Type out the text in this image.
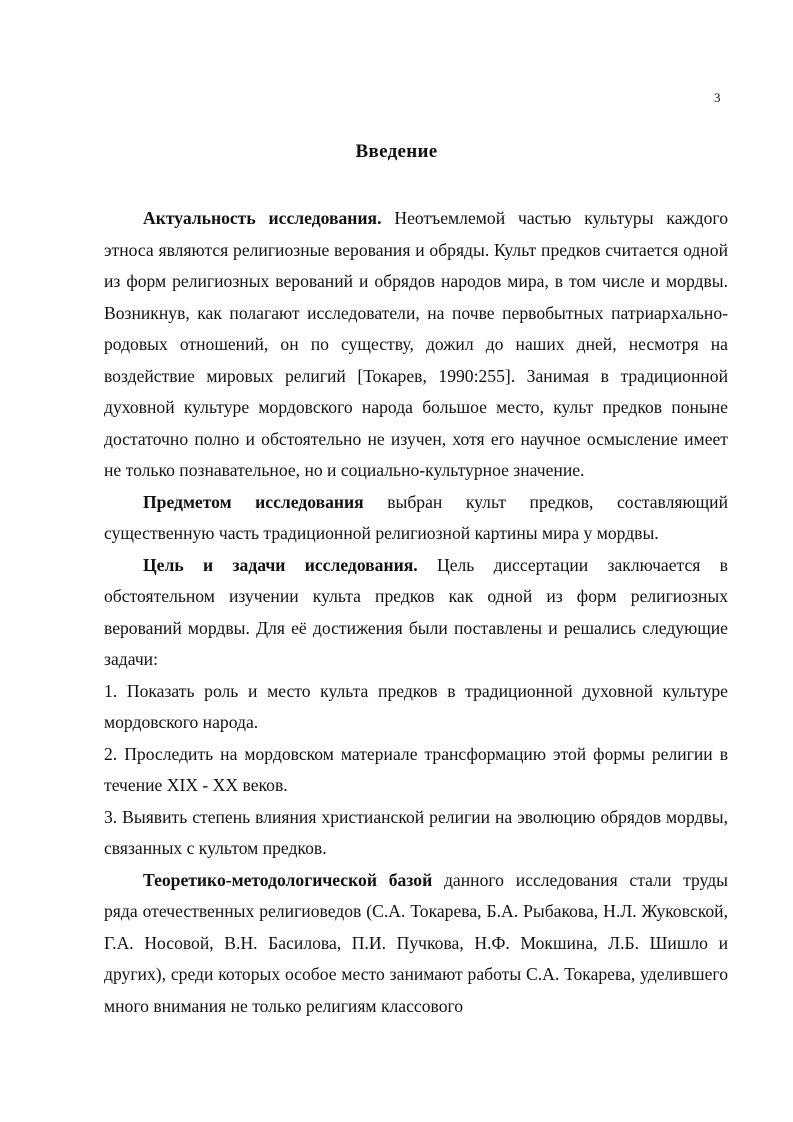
3
Введение

Актуальность исследования. Неотъемлемой частью культуры каждого этноса являются религиозные верования и обряды. Культ предков считается одной из форм религиозных верований и обрядов народов мира, в том числе и мордвы. Возникнув, как полагают исследователи, на почве первобытных патриархально-родовых отношений, он по существу, дожил до наших дней, несмотря на воздействие мировых религий [Токарев, 1990:255]. Занимая в традиционной духовной культуре мордовского народа большое место, культ предков поныне достаточно полно и обстоятельно не изучен, хотя его научное осмысление имеет не только познавательное, но и социально-культурное значение.

Предметом исследования выбран культ предков, составляющий существенную часть традиционной религиозной картины мира у мордвы.

Цель и задачи исследования. Цель диссертации заключается в обстоятельном изучении культа предков как одной из форм религиозных верований мордвы. Для её достижения были поставлены и решались следующие задачи:

1. Показать роль и место культа предков в традиционной духовной культуре мордовского народа.

2. Проследить на мордовском материале трансформацию этой формы религии в течение XIX - XX веков.

3. Выявить степень влияния христианской религии на эволюцию обрядов мордвы, связанных с культом предков.

Теоретико-методологической базой данного исследования стали труды ряда отечественных религиоведов (С.А. Токарева, Б.А. Рыбакова, Н.Л. Жуковской, Г.А. Носовой, В.Н. Басилова, П.И. Пучкова, Н.Ф. Мокшина, Л.Б. Шишло и других), среди которых особое место занимают работы С.А. Токарева, уделившего много внимания не только религиям классового
